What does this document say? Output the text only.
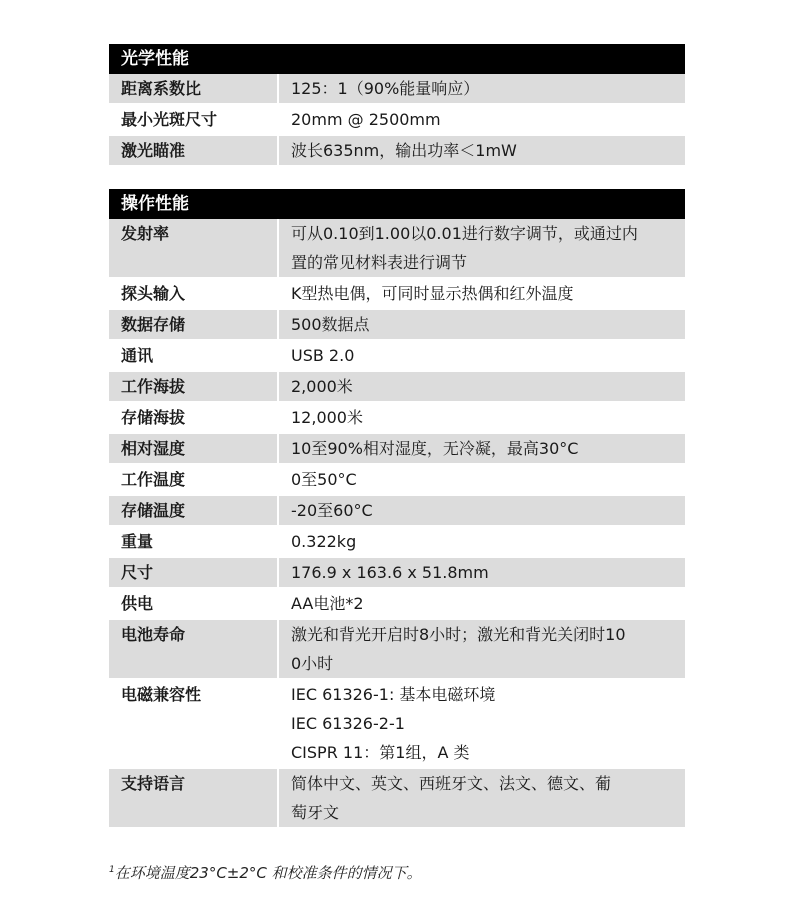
光学性能
距离系数比	125：1（90%能量响应）
最小光斑尺寸	20mm @ 2500mm
激光瞄准	波长635nm，输出功率＜1mW
操作性能
发射率	可从0.10到1.00以0.01进行数字调节，或通过内
置的常见材料表进行调节
探头输入	K型热电偶，可同时显示热偶和红外温度
数据存储	500数据点
通讯	USB 2.0
工作海拔	2,000米
存储海拔	12,000米
相对湿度	10至90%相对湿度，无冷凝，最高30°C
工作温度	0至50°C
存储温度	-20至60°C
重量	0.322kg
尺寸	176.9 x 163.6 x 51.8mm
供电	AA电池*2
电池寿命	激光和背光开启时8小时；激光和背光关闭时10
0小时
电磁兼容性	IEC 61326-1: 基本电磁环境
IEC 61326-2-1
CISPR 11：第1组，A 类
支持语言	简体中文、英文、西班牙文、法文、德文、葡
萄牙文
$^1$在环境温度23°C±2°C 和校准条件的情况下。
